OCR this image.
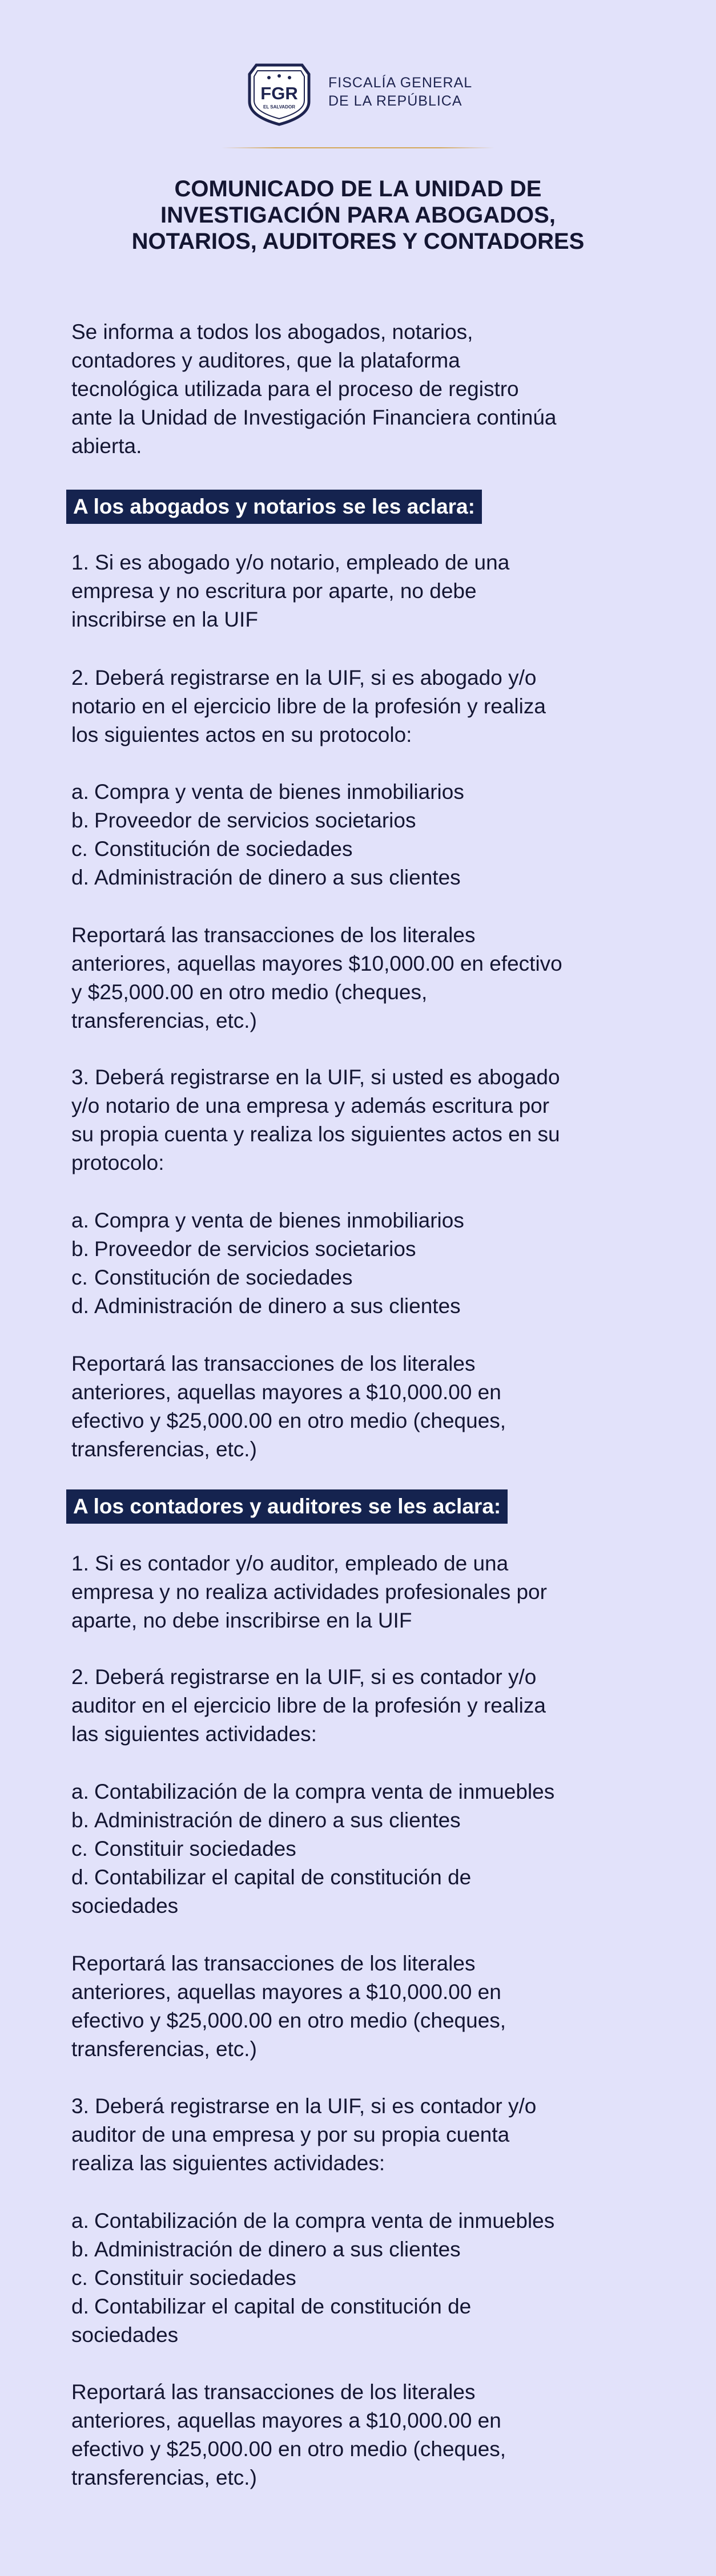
FGR
EL SALVADOR
FISCALÍA GENERAL
DE LA REPÚBLICA
COMUNICADO DE LA UNIDAD DE
INVESTIGACIÓN PARA ABOGADOS,
NOTARIOS, AUDITORES Y CONTADORES
Se informa a todos los abogados, notarios,
contadores y auditores, que la plataforma
tecnológica utilizada para el proceso de registro
ante la Unidad de Investigación Financiera continúa
abierta.
A los abogados y notarios se les aclara:
1. Si es abogado y/o notario, empleado de una
empresa y no escritura por aparte, no debe
inscribirse en la UIF
2. Deberá registrarse en la UIF, si es abogado y/o
notario en el ejercicio libre de la profesión y realiza
los siguientes actos en su protocolo:
a. Compra y venta de bienes inmobiliarios
b. Proveedor de servicios societarios
c. Constitución de sociedades
d. Administración de dinero a sus clientes
Reportará las transacciones de los literales
anteriores, aquellas mayores $10,000.00 en efectivo
y $25,000.00 en otro medio (cheques,
transferencias, etc.)
3. Deberá registrarse en la UIF, si usted es abogado
y/o notario de una empresa y además escritura por
su propia cuenta y realiza los siguientes actos en su
protocolo:
a. Compra y venta de bienes inmobiliarios
b. Proveedor de servicios societarios
c. Constitución de sociedades
d. Administración de dinero a sus clientes
Reportará las transacciones de los literales
anteriores, aquellas mayores a $10,000.00 en
efectivo y $25,000.00 en otro medio (cheques,
transferencias, etc.)
A los contadores y auditores se les aclara:
1. Si es contador y/o auditor, empleado de una
empresa y no realiza actividades profesionales por
aparte, no debe inscribirse en la UIF
2. Deberá registrarse en la UIF, si es contador y/o
auditor en el ejercicio libre de la profesión y realiza
las siguientes actividades:
a. Contabilización de la compra venta de inmuebles
b. Administración de dinero a sus clientes
c. Constituir sociedades
d. Contabilizar el capital de constitución de
sociedades
Reportará las transacciones de los literales
anteriores, aquellas mayores a $10,000.00 en
efectivo y $25,000.00 en otro medio (cheques,
transferencias, etc.)
3. Deberá registrarse en la UIF, si es contador y/o
auditor de una empresa y por su propia cuenta
realiza las siguientes actividades:
a. Contabilización de la compra venta de inmuebles
b. Administración de dinero a sus clientes
c. Constituir sociedades
d. Contabilizar el capital de constitución de
sociedades
Reportará las transacciones de los literales
anteriores, aquellas mayores a $10,000.00 en
efectivo y $25,000.00 en otro medio (cheques,
transferencias, etc.)
